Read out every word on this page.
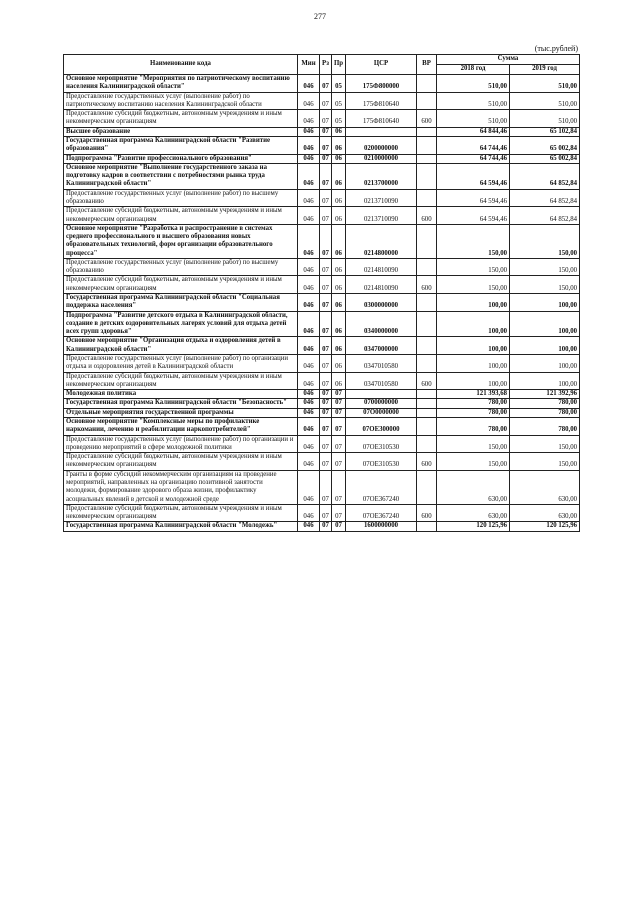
277
(тыс.рублей)
Наименование кода	Мин	Рз	Пр	ЦСР	ВР	Сумма	
						2018 год	2019 год
Основное мероприятие "Мероприятия по патриотическому воспитанию населения Калининградской области"	046	07	05	175Ф800000		510,00	510,00
Предоставление государственных услуг (выполнение работ) по патриотическому воспитанию населения Калининградской области	046	07	05	175Ф810640		510,00	510,00
Предоставление субсидий бюджетным, автономным учреждениям и иным некоммерческим организациям	046	07	05	175Ф810640	600	510,00	510,00
Высшее образование	046	07	06			64 844,46	65 102,84
Государственная программа Калининградской области "Развитие образования"	046	07	06	0200000000		64 744,46	65 002,84
Подпрограмма "Развитие профессионального образования"	046	07	06	0210000000		64 744,46	65 002,84
Основное мероприятие "Выполнение государственного заказа на подготовку кадров в соответствии с потребностями рынка труда Калининградской области"	046	07	06	0213700000		64 594,46	64 852,84
Предоставление государственных услуг (выполнение работ) по высшему образованию	046	07	06	0213710090		64 594,46	64 852,84
Предоставление субсидий бюджетным, автономным учреждениям и иным некоммерческим организациям	046	07	06	0213710090	600	64 594,46	64 852,84
Основное мероприятие "Разработка и распространение в системах среднего профессионального и высшего образования новых образовательных технологий, форм организации образовательного процесса"	046	07	06	0214800000		150,00	150,00
Предоставление государственных услуг (выполнение работ) по высшему образованию	046	07	06	0214810090		150,00	150,00
Предоставление субсидий бюджетным, автономным учреждениям и иным некоммерческим организациям	046	07	06	0214810090	600	150,00	150,00
Государственная программа Калининградской области "Социальная поддержка населения"	046	07	06	0300000000		100,00	100,00
Подпрограмма "Развитие детского отдыха в Калининградской области, создание в детских оздоровительных лагерях условий для отдыха детей всех групп здоровья"	046	07	06	0340000000		100,00	100,00
Основное мероприятие "Организация отдыха и оздоровления детей в Калининградской области"	046	07	06	0347000000		100,00	100,00
Предоставление государственных услуг (выполнение работ) по организации отдыха и оздоровления детей в Калининградской области	046	07	06	0347010580		100,00	100,00
Предоставление субсидий бюджетным, автономным учреждениям и иным некоммерческим организациям	046	07	06	0347010580	600	100,00	100,00
Молодежная политика	046	07	07			121 393,68	121 392,96
Государственная программа Калининградской области "Безопасность"	046	07	07	0700000000		780,00	780,00
Отдельные мероприятия государственной программы	046	07	07	07О0000000		780,00	780,00
Основное мероприятие "Комплексные меры по профилактике наркомании, лечению и реабилитации наркопотребителей"	046	07	07	07ОЕ300000		780,00	780,00
Предоставление государственных услуг (выполнение работ) по организации и проведению мероприятий в сфере молодежной политики	046	07	07	07ОЕ310530		150,00	150,00
Предоставление субсидий бюджетным, автономным учреждениям и иным некоммерческим организациям	046	07	07	07ОЕ310530	600	150,00	150,00
Гранты в форме субсидий некоммерческим организациям на проведение мероприятий, направленных на организацию позитивной занятости молодежи, формирование здорового образа жизни, профилактику асоциальных явлений в детской и молодежной среде	046	07	07	07ОЕ367240		630,00	630,00
Предоставление субсидий бюджетным, автономным учреждениям и иным некоммерческим организациям	046	07	07	07ОЕ367240	600	630,00	630,00
Государственная программа Калининградской области "Молодежь"	046	07	07	1600000000		120 125,96	120 125,96
